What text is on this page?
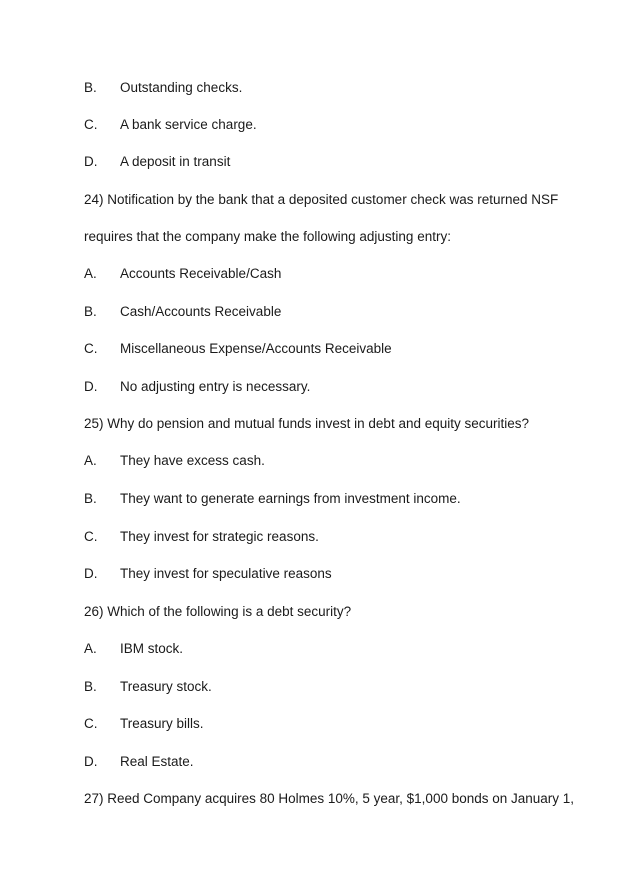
B. Outstanding checks.
C. A bank service charge.
D. A deposit in transit
24) Notification by the bank that a deposited customer check was returned NSF
requires that the company make the following adjusting entry:
A. Accounts Receivable/Cash
B. Cash/Accounts Receivable
C. Miscellaneous Expense/Accounts Receivable
D. No adjusting entry is necessary.
25) Why do pension and mutual funds invest in debt and equity securities?
A. They have excess cash.
B. They want to generate earnings from investment income.
C. They invest for strategic reasons.
D. They invest for speculative reasons
26) Which of the following is a debt security?
A. IBM stock.
B. Treasury stock.
C. Treasury bills.
D. Real Estate.
27) Reed Company acquires 80 Holmes 10%, 5 year, $1,000 bonds on January 1,
